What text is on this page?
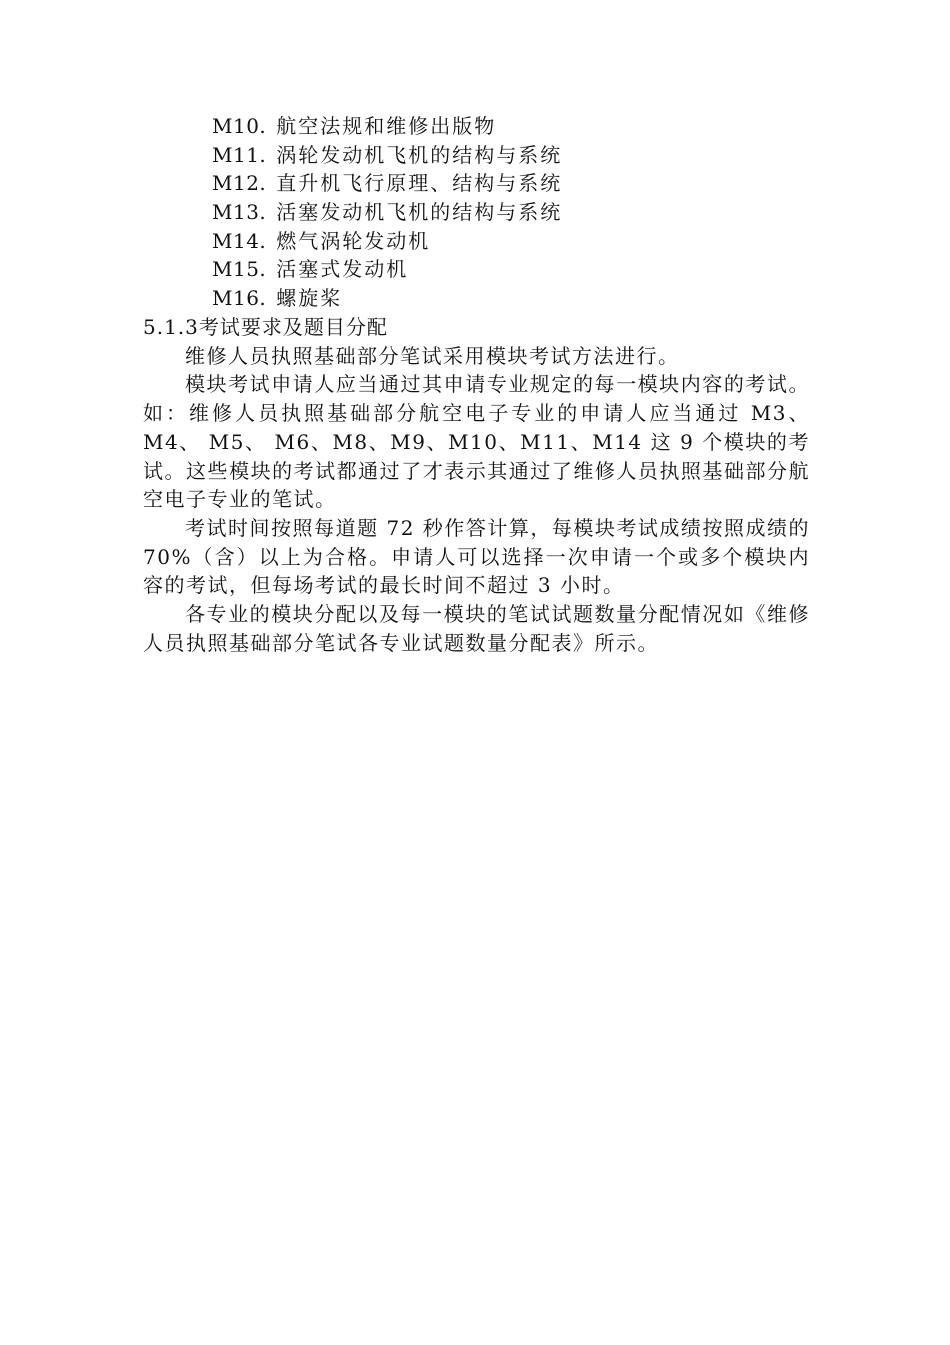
M10. 航空法规和维修出版物
M11. 涡轮发动机飞机的结构与系统
M12. 直升机飞行原理、结构与系统
M13. 活塞发动机飞机的结构与系统
M14. 燃气涡轮发动机
M15. 活塞式发动机
M16. 螺旋桨
5.1.3考试要求及题目分配

维修人员执照基础部分笔试采用模块考试方法进行。

模块考试申请人应当通过其申请专业规定的每一模块内容的考试。如：维修人员执照基础部分航空电子专业的申请人应当通过 M3、M4、 M5、 M6、M8、M9、M10、M11、M14 这 9 个模块的考试。这些模块的考试都通过了才表示其通过了维修人员执照基础部分航空电子专业的笔试。

考试时间按照每道题 72 秒作答计算，每模块考试成绩按照成绩的 70%（含）以上为合格。申请人可以选择一次申请一个或多个模块内容的考试，但每场考试的最长时间不超过 3 小时。

各专业的模块分配以及每一模块的笔试试题数量分配情况如《维修人员执照基础部分笔试各专业试题数量分配表》所示。
